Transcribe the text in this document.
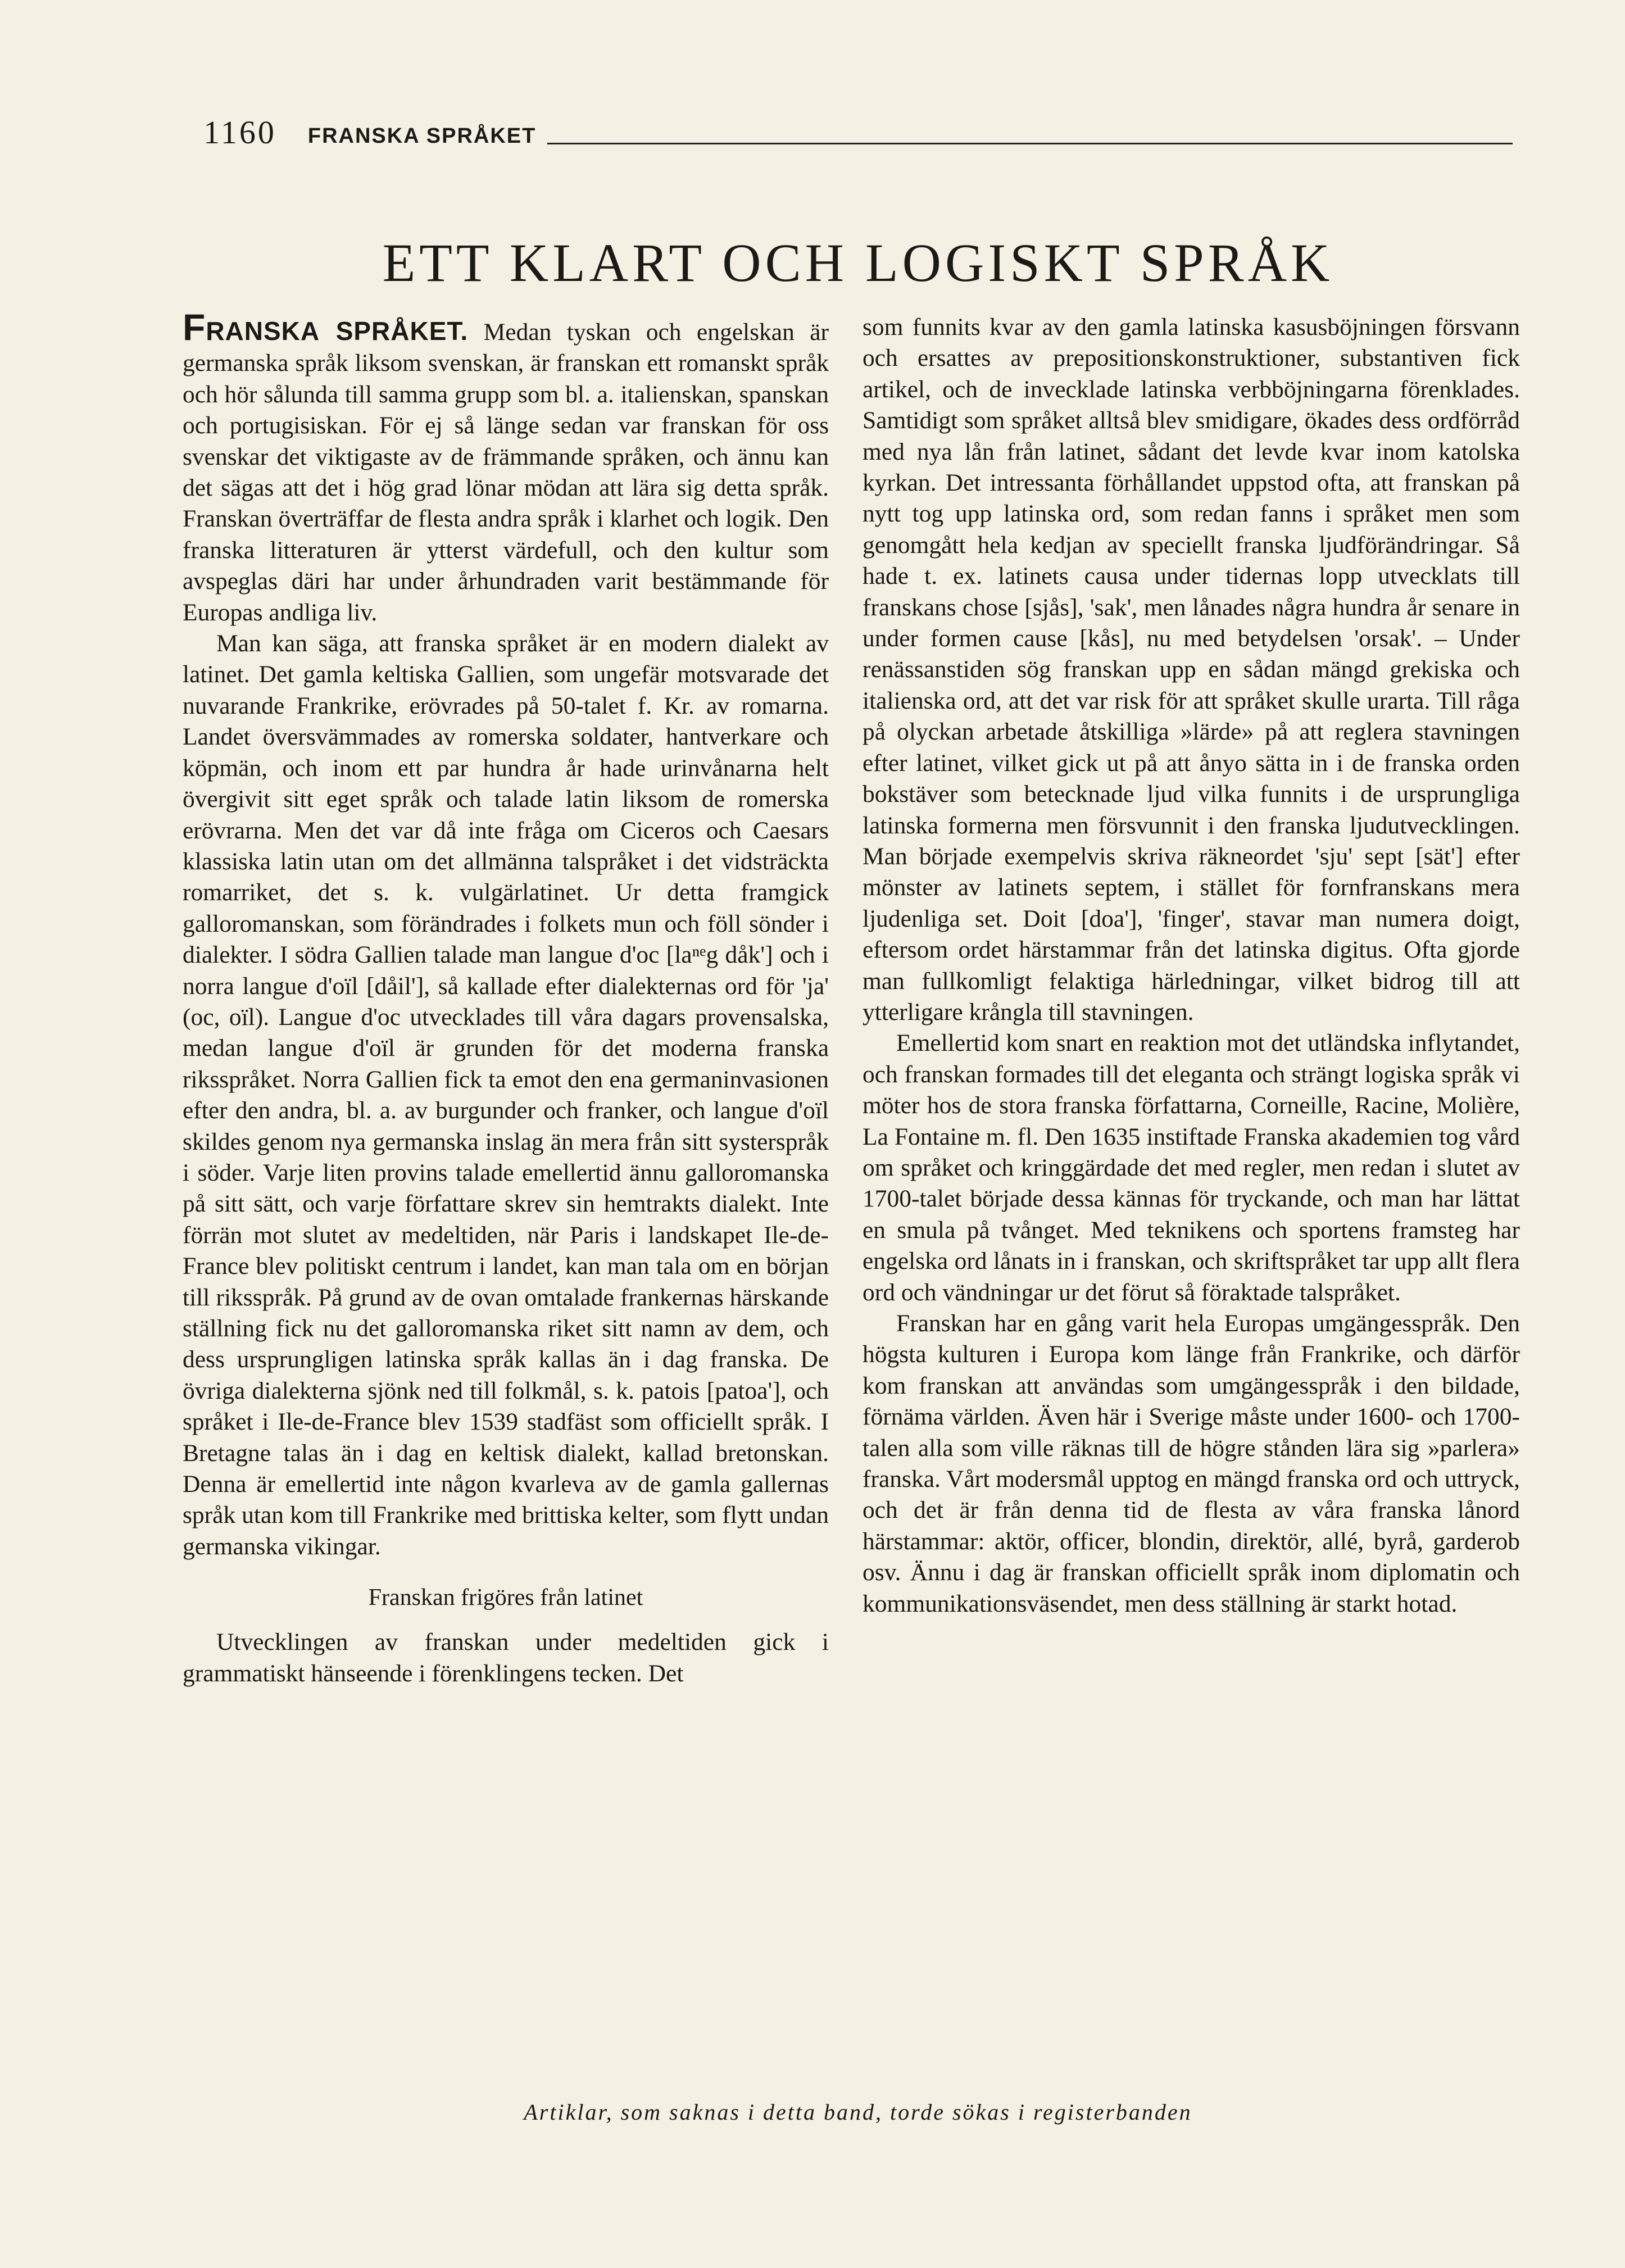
1160 FRANSKA SPRÅKET
ETT KLART OCH LOGISKT SPRÅK

FRANSKA SPRÅKET. Medan tyskan och engelskan är germanska språk liksom svenskan, är franskan ett romanskt språk och hör sålunda till samma grupp som bl. a. italienskan, spanskan och portugisiskan. För ej så länge sedan var franskan för oss svenskar det viktigaste av de främmande språken, och ännu kan det sägas att det i hög grad lönar mödan att lära sig detta språk. Franskan överträffar de flesta andra språk i klarhet och logik. Den franska litteraturen är ytterst värdefull, och den kultur som avspeglas däri har under århundraden varit bestämmande för Europas andliga liv.

Man kan säga, att franska språket är en modern dialekt av latinet. Det gamla keltiska Gallien, som ungefär motsvarade det nuvarande Frankrike, erövrades på 50-talet f. Kr. av romarna. Landet översvämmades av romerska soldater, hantverkare och köpmän, och inom ett par hundra år hade urinvånarna helt övergivit sitt eget språk och talade latin liksom de romerska erövrarna. Men det var då inte fråga om Ciceros och Caesars klassiska latin utan om det allmänna talspråket i det vidsträckta romarriket, det s. k. vulgärlatinet. Ur detta framgick galloromanskan, som förändrades i folkets mun och föll sönder i dialekter. I södra Gallien talade man langue d'oc [laⁿᵉg dåk'] och i norra langue d'oïl [dåil'], så kallade efter dialekternas ord för 'ja' (oc, oïl). Langue d'oc utvecklades till våra dagars provensalska, medan langue d'oïl är grunden för det moderna franska riksspråket. Norra Gallien fick ta emot den ena germaninvasionen efter den andra, bl. a. av burgunder och franker, och langue d'oïl skildes genom nya germanska inslag än mera från sitt systerspråk i söder. Varje liten provins talade emellertid ännu galloromanska på sitt sätt, och varje författare skrev sin hemtrakts dialekt. Inte förrän mot slutet av medeltiden, när Paris i landskapet Ile-de-France blev politiskt centrum i landet, kan man tala om en början till riksspråk. På grund av de ovan omtalade frankernas härskande ställning fick nu det galloromanska riket sitt namn av dem, och dess ursprungligen latinska språk kallas än i dag franska. De övriga dialekterna sjönk ned till folkmål, s. k. patois [patoa'], och språket i Ile-de-France blev 1539 stadfäst som officiellt språk. I Bretagne talas än i dag en keltisk dialekt, kallad bretonskan. Denna är emellertid inte någon kvarleva av de gamla gallernas språk utan kom till Frankrike med brittiska kelter, som flytt undan germanska vikingar.

Franskan frigöres från latinet

Utvecklingen av franskan under medeltiden gick i grammatiskt hänseende i förenklingens tecken. Det

som funnits kvar av den gamla latinska kasusböjningen försvann och ersattes av prepositionskonstruktioner, substantiven fick artikel, och de invecklade latinska verbböjningarna förenklades. Samtidigt som språket alltså blev smidigare, ökades dess ordförråd med nya lån från latinet, sådant det levde kvar inom katolska kyrkan. Det intressanta förhållandet uppstod ofta, att franskan på nytt tog upp latinska ord, som redan fanns i språket men som genomgått hela kedjan av speciellt franska ljudförändringar. Så hade t. ex. latinets causa under tidernas lopp utvecklats till franskans chose [sjås], 'sak', men lånades några hundra år senare in under formen cause [kås], nu med betydelsen 'orsak'. – Under renässanstiden sög franskan upp en sådan mängd grekiska och italienska ord, att det var risk för att språket skulle urarta. Till råga på olyckan arbetade åtskilliga »lärde» på att reglera stavningen efter latinet, vilket gick ut på att ånyo sätta in i de franska orden bokstäver som betecknade ljud vilka funnits i de ursprungliga latinska formerna men försvunnit i den franska ljudutvecklingen. Man började exempelvis skriva räkneordet 'sju' sept [sät'] efter mönster av latinets septem, i stället för fornfranskans mera ljudenliga set. Doit [doa'], 'finger', stavar man numera doigt, eftersom ordet härstammar från det latinska digitus. Ofta gjorde man fullkomligt felaktiga härledningar, vilket bidrog till att ytterligare krångla till stavningen.

Emellertid kom snart en reaktion mot det utländska inflytandet, och franskan formades till det eleganta och strängt logiska språk vi möter hos de stora franska författarna, Corneille, Racine, Molière, La Fontaine m. fl. Den 1635 instiftade Franska akademien tog vård om språket och kringgärdade det med regler, men redan i slutet av 1700-talet började dessa kännas för tryckande, och man har lättat en smula på tvånget. Med teknikens och sportens framsteg har engelska ord lånats in i franskan, och skriftspråket tar upp allt flera ord och vändningar ur det förut så föraktade talspråket.

Franskan har en gång varit hela Europas umgängesspråk. Den högsta kulturen i Europa kom länge från Frankrike, och därför kom franskan att användas som umgängesspråk i den bildade, förnäma världen. Även här i Sverige måste under 1600- och 1700-talen alla som ville räknas till de högre stånden lära sig »parlera» franska. Vårt modersmål upptog en mängd franska ord och uttryck, och det är från denna tid de flesta av våra franska lånord härstammar: aktör, officer, blondin, direktör, allé, byrå, garderob osv. Ännu i dag är franskan officiellt språk inom diplomatin och kommunikationsväsendet, men dess ställning är starkt hotad.

Artiklar, som saknas i detta band, torde sökas i registerbanden
